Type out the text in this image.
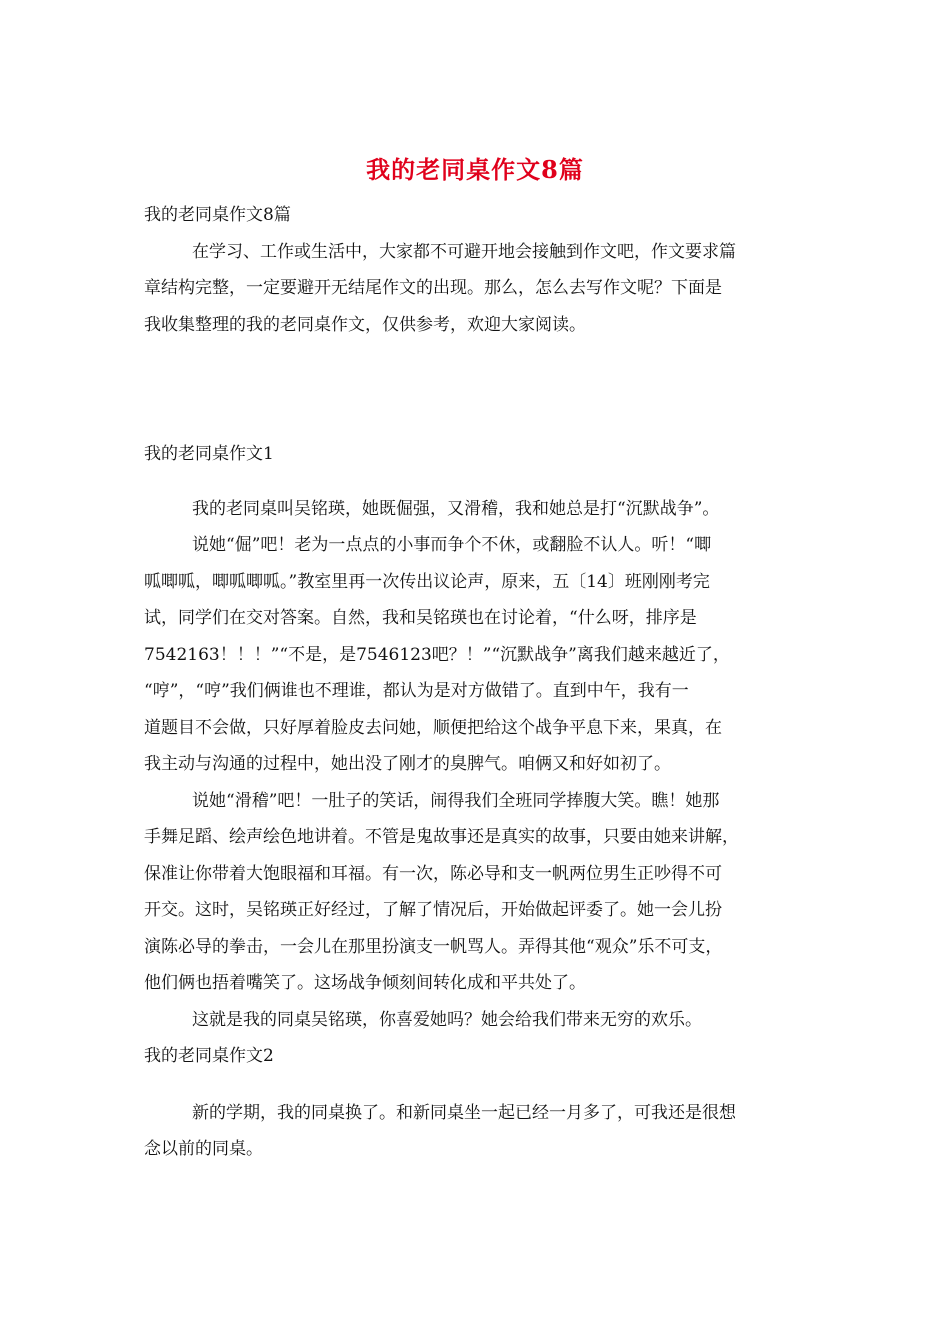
我的老同桌作文8篇
我的老同桌作文8篇
在学习、工作或生活中，大家都不可避开地会接触到作文吧，作文要求篇
章结构完整，一定要避开无结尾作文的出现。那么，怎么去写作文呢？下面是
我收集整理的我的老同桌作文，仅供参考，欢迎大家阅读。
我的老同桌作文1
我的老同桌叫吴铭瑛，她既倔强，又滑稽，我和她总是打“沉默战争”。
说她“倔”吧！老为一点点的小事而争个不休，或翻脸不认人。听！“唧
呱唧呱，唧呱唧呱。”教室里再一次传出议论声，原来，五〔14〕班刚刚考完
试，同学们在交对答案。自然，我和吴铭瑛也在讨论着，“什么呀，排序是
7542163！！！”“不是，是7546123吧？！”“沉默战争”离我们越来越近了，
“哼”，“哼”我们俩谁也不理谁，都认为是对方做错了。直到中午，我有一
道题目不会做，只好厚着脸皮去问她，顺便把给这个战争平息下来，果真，在
我主动与沟通的过程中，她出没了刚才的臭脾气。咱俩又和好如初了。
说她“滑稽”吧！一肚子的笑话，闹得我们全班同学捧腹大笑。瞧！她那
手舞足蹈、绘声绘色地讲着。不管是鬼故事还是真实的故事，只要由她来讲解，
保准让你带着大饱眼福和耳福。有一次，陈必导和支一帆两位男生正吵得不可
开交。这时，吴铭瑛正好经过，了解了情况后，开始做起评委了。她一会儿扮
演陈必导的拳击，一会儿在那里扮演支一帆骂人。弄得其他“观众”乐不可支，
他们俩也捂着嘴笑了。这场战争倾刻间转化成和平共处了。
这就是我的同桌吴铭瑛，你喜爱她吗？她会给我们带来无穷的欢乐。
我的老同桌作文2
新的学期，我的同桌换了。和新同桌坐一起已经一月多了，可我还是很想
念以前的同桌。
